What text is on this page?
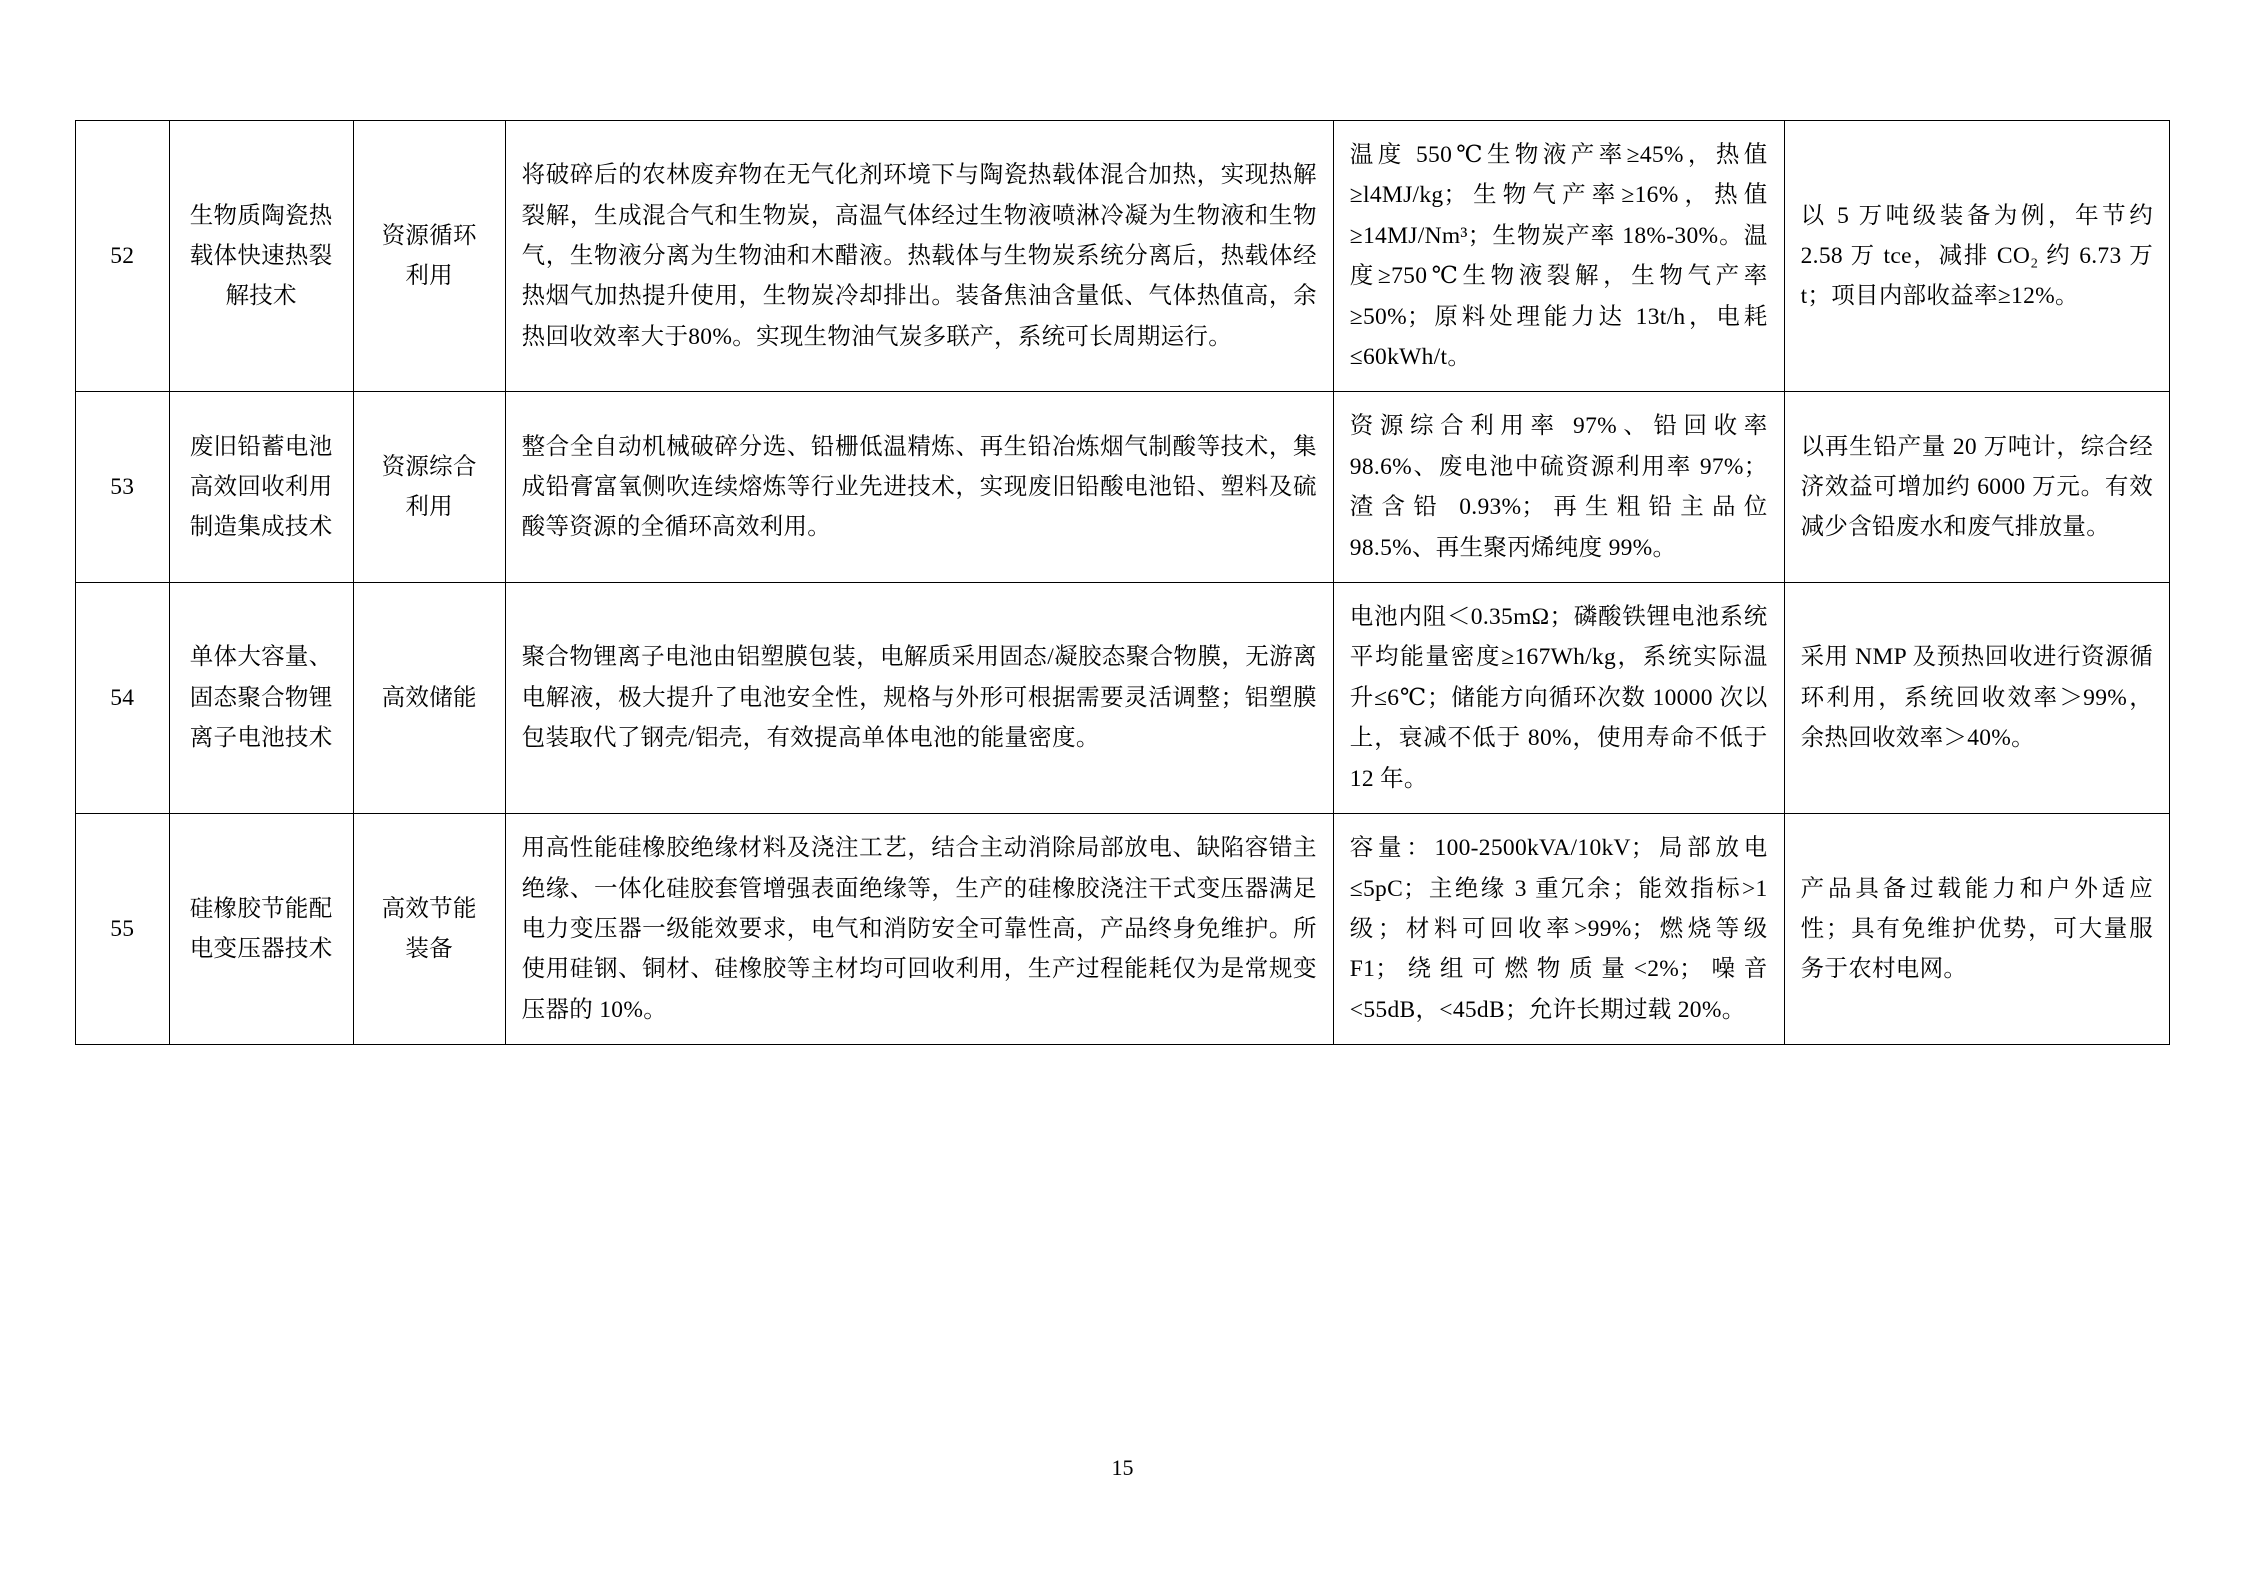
52	生物质陶瓷热载体快速热裂解技术	资源循环利用	将破碎后的农林废弃物在无气化剂环境下与陶瓷热载体混合加热，实现热解裂解，生成混合气和生物炭，高温气体经过生物液喷淋冷凝为生物液和生物气，生物液分离为生物油和木醋液。热载体与生物炭系统分离后，热载体经热烟气加热提升使用，生物炭冷却排出。装备焦油含量低、气体热值高，余热回收效率大于80%。实现生物油气炭多联产，系统可长周期运行。	温度 550℃生物液产率≥45%，热值≥l4MJ/kg；生物气产率≥16%，热值≥14MJ/Nm³；生物炭产率 18%-30%。温度≥750℃生物液裂解，生物气产率≥50%；原料处理能力达 13t/h，电耗≤60kWh/t。	以 5 万吨级装备为例，年节约 2.58 万 tce，减排 CO₂ 约 6.73 万 t；项目内部收益率≥12%。
53	废旧铅蓄电池高效回收利用制造集成技术	资源综合利用	整合全自动机械破碎分选、铅栅低温精炼、再生铅冶炼烟气制酸等技术，集成铅膏富氧侧吹连续熔炼等行业先进技术，实现废旧铅酸电池铅、塑料及硫酸等资源的全循环高效利用。	资源综合利用率 97%、铅回收率 98.6%、废电池中硫资源利用率 97%；渣含铅 0.93%；再生粗铅主品位 98.5%、再生聚丙烯纯度 99%。	以再生铅产量 20 万吨计，综合经济效益可增加约 6000 万元。有效减少含铅废水和废气排放量。
54	单体大容量、固态聚合物锂离子电池技术	高效储能	聚合物锂离子电池由铝塑膜包装，电解质采用固态/凝胶态聚合物膜，无游离电解液，极大提升了电池安全性，规格与外形可根据需要灵活调整；铝塑膜包装取代了钢壳/铝壳，有效提高单体电池的能量密度。	电池内阻＜0.35mΩ；磷酸铁锂电池系统平均能量密度≥167Wh/kg，系统实际温升≤6℃；储能方向循环次数 10000 次以上，衰减不低于 80%，使用寿命不低于 12 年。	采用 NMP 及预热回收进行资源循环利用，系统回收效率＞99%，余热回收效率＞40%。
55	硅橡胶节能配电变压器技术	高效节能装备	用高性能硅橡胶绝缘材料及浇注工艺，结合主动消除局部放电、缺陷容错主绝缘、一体化硅胶套管增强表面绝缘等，生产的硅橡胶浇注干式变压器满足电力变压器一级能效要求，电气和消防安全可靠性高，产品终身免维护。所使用硅钢、铜材、硅橡胶等主材均可回收利用，生产过程能耗仅为是常规变压器的 10%。	容量：100-2500kVA/10kV；局部放电≤5pC；主绝缘 3 重冗余；能效指标>1 级；材料可回收率>99%；燃烧等级 F1；绕组可燃物质量<2%；噪音<55dB，<45dB；允许长期过载 20%。	产品具备过载能力和户外适应性；具有免维护优势，可大量服务于农村电网。
15
